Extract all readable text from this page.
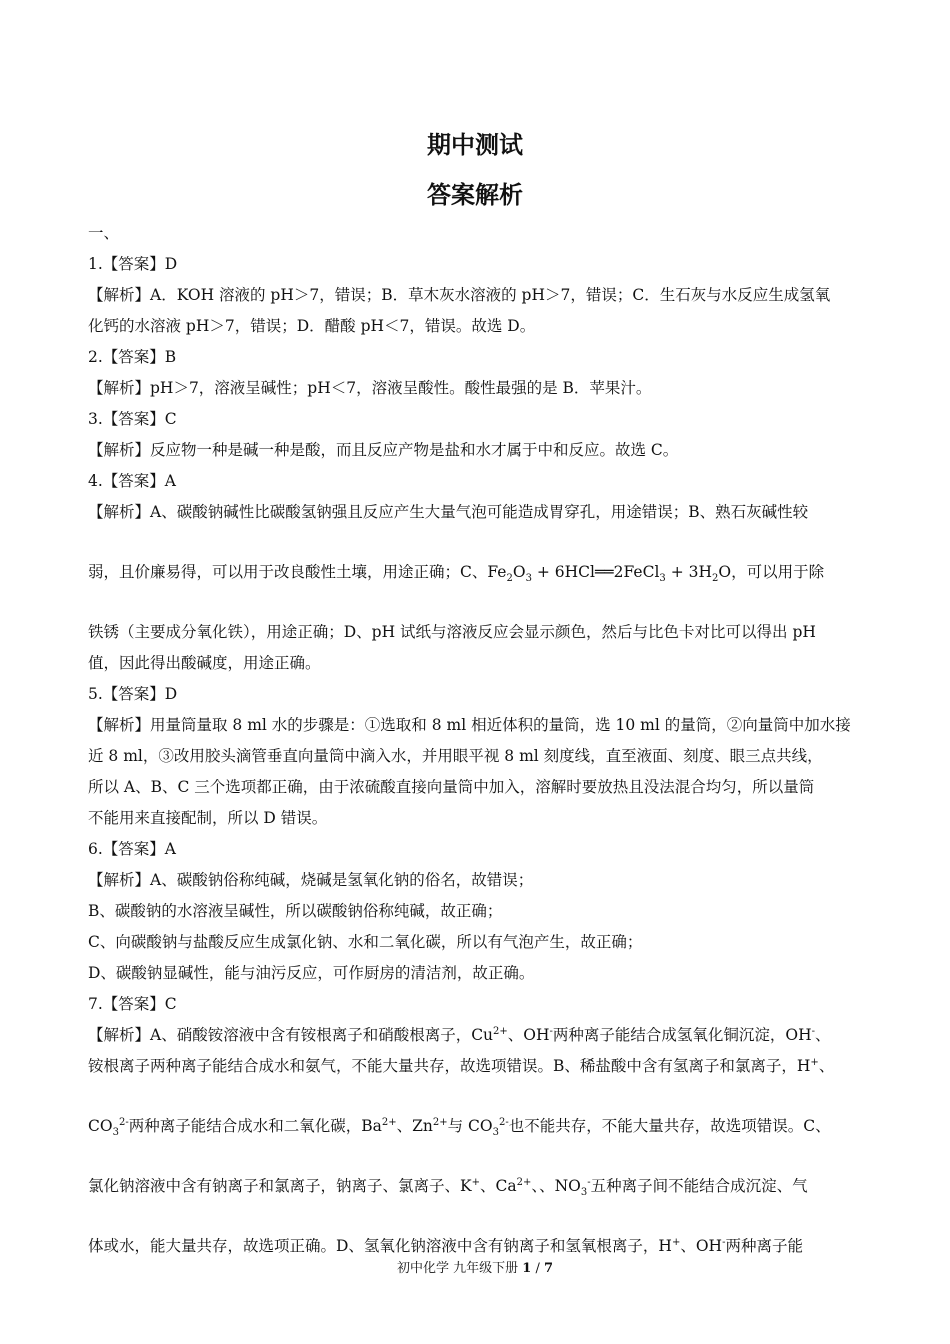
期中测试
答案解析
一、
1.【答案】D
【解析】A．KOH 溶液的 pH＞7，错误；B．草木灰水溶液的 pH＞7，错误；C．生石灰与水反应生成氢氧
化钙的水溶液 pH＞7，错误；D．醋酸 pH＜7，错误。故选 D。
2.【答案】B
【解析】pH＞7，溶液呈碱性；pH＜7，溶液呈酸性。酸性最强的是 B．苹果汁。
3.【答案】C
【解析】反应物一种是碱一种是酸，而且反应产物是盐和水才属于中和反应。故选 C。
4.【答案】A
【解析】A、碳酸钠碱性比碳酸氢钠强且反应产生大量气泡可能造成胃穿孔，用途错误；B、熟石灰碱性较
弱，且价廉易得，可以用于改良酸性土壤，用途正确；C、$Fe_2O_3$ + 6HCl══2FeCl$_3$ + $3H_2O$，可以用于除
铁锈（主要成分氧化铁），用途正确；D、pH 试纸与溶液反应会显示颜色，然后与比色卡对比可以得出 pH
值，因此得出酸碱度，用途正确。
5.【答案】D
【解析】用量筒量取 8 ml 水的步骤是：①选取和 8 ml 相近体积的量筒，选 10 ml 的量筒，②向量筒中加水接
近 8 ml，③改用胶头滴管垂直向量筒中滴入水，并用眼平视 8 ml 刻度线，直至液面、刻度、眼三点共线，
所以 A、B、C 三个选项都正确，由于浓硫酸直接向量筒中加入，溶解时要放热且没法混合均匀，所以量筒
不能用来直接配制，所以 D 错误。
6.【答案】A
【解析】A、碳酸钠俗称纯碱，烧碱是氢氧化钠的俗名，故错误；
B、碳酸钠的水溶液呈碱性，所以碳酸钠俗称纯碱，故正确；
C、向碳酸钠与盐酸反应生成氯化钠、水和二氧化碳，所以有气泡产生，故正确；
D、碳酸钠显碱性，能与油污反应，可作厨房的清洁剂，故正确。
7.【答案】C
【解析】A、硝酸铵溶液中含有铵根离子和硝酸根离子，$Cu^{2+}$、OH-两种离子能结合成氢氧化铜沉淀，OH-、
铵根离子两种离子能结合成水和氨气，不能大量共存，故选项错误。B、稀盐酸中含有氢离子和氯离子，H+、
$CO_3^{2-}$两种离子能结合成水和二氧化碳，$Ba^{2+}$、$Zn^{2+}$与 $CO_3^{2-}$也不能共存，不能大量共存，故选项错误。C、
氯化钠溶液中含有钠离子和氯离子，钠离子、氯离子、K+、$Ca^{2+}$、、$NO_3^-$五种离子间不能结合成沉淀、气
体或水，能大量共存，故选项正确。D、氢氧化钠溶液中含有钠离子和氢氧根离子，H+、OH-两种离子能
初中化学 九年级下册 1 / 7
